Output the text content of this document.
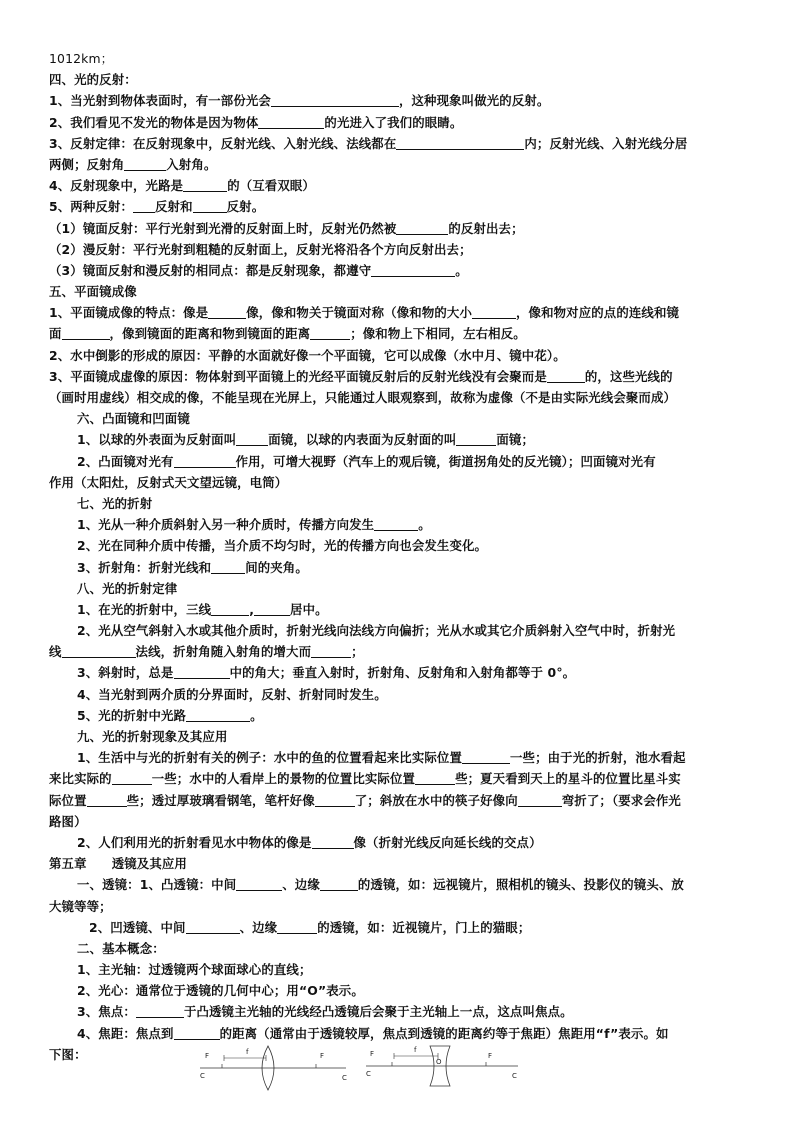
1012km；
四、光的反射：
1、当光射到物体表面时，有一部份光会	，这种现象叫做光的反射。
2、我们看见不发光的物体是因为物体	的光进入了我们的眼睛。
3、反射定律：在反射现象中，反射光线、入射光线、法线都在	内；反射光线、入射光线分居
两侧；反射角	入射角。
4、反射现象中，光路是	的（互看双眼）
5、两种反射： 反射和	反射。
（1）镜面反射：平行光射到光滑的反射面上时，反射光仍然被	的反射出去；
（2）漫反射：平行光射到粗糙的反射面上，反射光将沿各个方向反射出去；
（3）镜面反射和漫反射的相同点：都是反射现象，都遵守	。
五、平面镜成像
1、平面镜成像的特点：像是	像，像和物关于镜面对称（像和物的大小	，像和物对应的点的连线和镜
面	，像到镜面的距离和物到镜面的距离	；像和物上下相同，左右相反。
2、水中倒影的形成的原因：平静的水面就好像一个平面镜，它可以成像（水中月、镜中花）。
3、平面镜成虚像的原因：物体射到平面镜上的光经平面镜反射后的反射光线没有会聚而是	的，这些光线的
（画时用虚线）相交成的像，不能呈现在光屏上，只能通过人眼观察到，故称为虚像（不是由实际光线会聚而成）
六、凸面镜和凹面镜
1、以球的外表面为反射面叫	面镜，以球的内表面为反射面的叫	面镜；
2、凸面镜对光有	作用，可增大视野（汽车上的观后镜，街道拐角处的反光镜）；凹面镜对光有
作用（太阳灶，反射式天文望远镜，电筒）
七、光的折射
1、光从一种介质斜射入另一种介质时，传播方向发生	。
2、光在同种介质中传播，当介质不均匀时，光的传播方向也会发生变化。
3、折射角：折射光线和	间的夹角。
八、光的折射定律
1、在光的折射中，三线	,	居中。
2、光从空气斜射入水或其他介质时，折射光线向法线方向偏折；光从水或其它介质斜射入空气中时，折射光
线	法线，折射角随入射角的增大而	；
3、斜射时，总是	中的角大；垂直入射时，折射角、反射角和入射角都等于 0°。
4、当光射到两介质的分界面时，反射、折射同时发生。
5、光的折射中光路	。
九、光的折射现象及其应用
1、生活中与光的折射有关的例子：水中的鱼的位置看起来比实际位置	一些；由于光的折射，池水看起
来比实际的	一些；水中的人看岸上的景物的位置比实际位置	些；夏天看到天上的星斗的位置比星斗实
际位置	些；透过厚玻璃看钢笔，笔杆好像	了；斜放在水中的筷子好像向	弯折了；（要求会作光
路图）
2、人们利用光的折射看见水中物体的像是	像（折射光线反向延长线的交点）
第五章　　透镜及其应用
一、透镜：1、凸透镜：中间	、边缘	的透镜，如：远视镜片，照相机的镜头、投影仪的镜头、放
大镜等等；
2、凹透镜、中间	、边缘	的透镜，如：近视镜片，门上的猫眼；
二、基本概念：
1、主光轴：过透镜两个球面球心的直线；
2、光心：通常位于透镜的几何中心；用“O”表示。
3、焦点：	于凸透镜主光轴的光线经凸透镜后会聚于主光轴上一点，这点叫焦点。
4、焦距：焦点到	的距离（通常由于透镜较厚，焦点到透镜的距离约等于焦距）焦距用“f”表示。如
下图：	F	F
C	C
f	F	F
C	C
f
O
